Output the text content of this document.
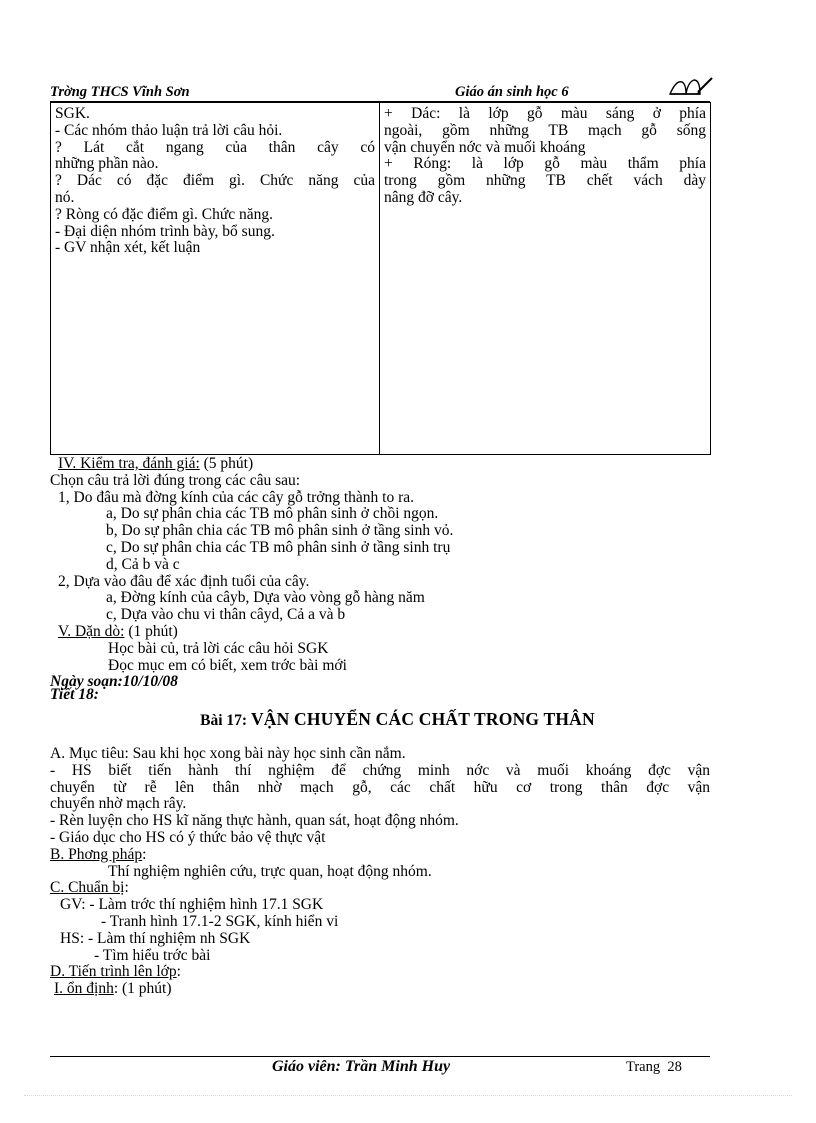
Trờng THCS Vĩnh Sơn	Giáo án sinh học 6
SGK.
- Các nhóm thảo luận trả lời câu hỏi.
? Lát cắt ngang của thân cây có
những phần nào.
? Dác có đặc điểm gì. Chức năng của
nó.
? Ròng có đặc điểm gì. Chức năng.
- Đại diện nhóm trình bày, bổ sung.
- GV nhận xét, kết luận

+ Dác: là lớp gỗ màu sáng ở phía
ngoài, gồm những TB mạch gỗ sống
vận chuyển nớc và muối khoáng
+ Róng: là lớp gỗ màu thẩm phía
trong gồm những TB chết vách dày
nâng đỡ cây.
IV. Kiểm tra, đánh giá: (5 phút)
Chọn câu trả lời đúng trong các câu sau:
1, Do đâu mà đờng kính của các cây gỗ trởng thành to ra.
a, Do sự phân chia các TB mô phân sinh ở chồi ngọn.
b, Do sự phân chia các TB mô phân sinh ở tầng sinh vỏ.
c, Do sự phân chia các TB mô phân sinh ở tầng sinh trụ
d, Cả b và c
2, Dựa vào đâu để xác định tuổi của cây.
a, Đờng kính của câyb, Dựa vào vòng gỗ hàng năm
c, Dựa vào chu vi thân câyd, Cả a và b
V. Dặn dò: (1 phút)
Học bài củ, trả lời các câu hỏi SGK
Đọc mục em có biết, xem trớc bài mới
Ngày soạn:10/10/08
Tiết 18:
Bài 17: VẬN CHUYỂN CÁC CHẤT TRONG THÂN
A. Mục tiêu: Sau khi học xong bài này học sinh cần nắm.
- HS biết tiến hành thí nghiệm để chứng minh nớc và muối khoáng đợc vận
chuyển từ rễ lên thân nhờ mạch gỗ, các chất hữu cơ trong thân đợc vận
chuyển nhờ mạch rây.
- Rèn luyện cho HS kĩ năng thực hành, quan sát, hoạt động nhóm.
- Giáo dục cho HS có ý thức bảo vệ thực vật
B. Phơng pháp:
Thí nghiệm nghiên cứu, trực quan, hoạt động nhóm.
C. Chuẩn bị:
GV: - Làm trớc thí nghiệm hình 17.1 SGK
- Tranh hình 17.1-2 SGK, kính hiển vi
HS: - Làm thí nghiệm nh SGK
- Tìm hiểu trớc bài
D. Tiến trình lên lớp:
I. ổn định: (1 phút)
Giáo viên: Trần Minh Huy	Trang 28
